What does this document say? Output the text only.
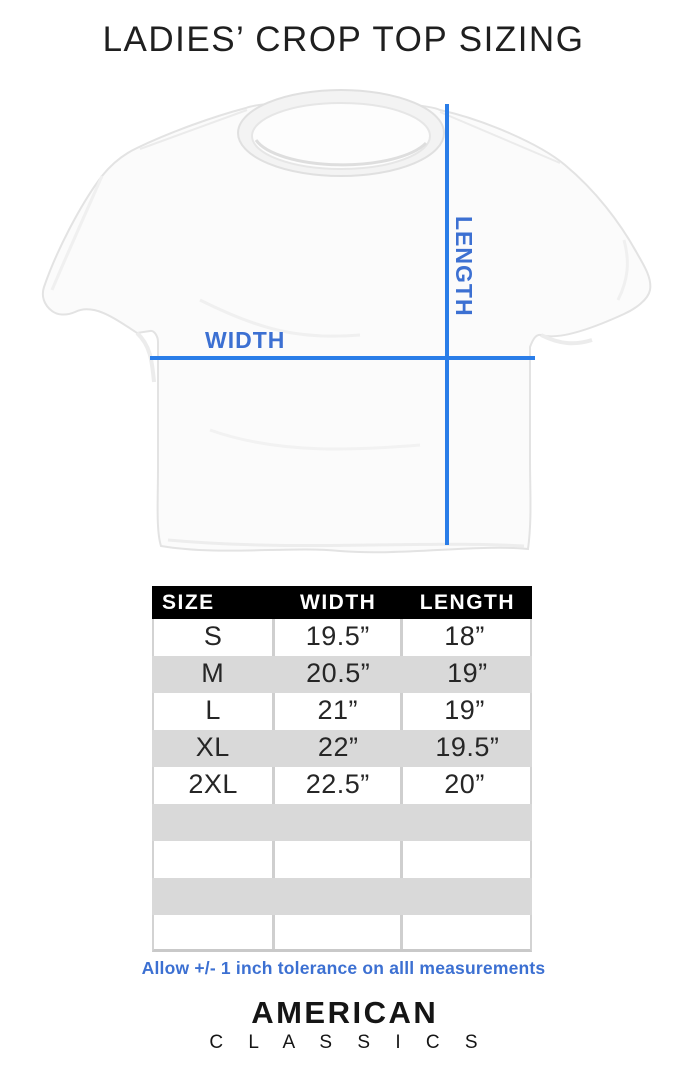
LADIES’ CROP TOP SIZING
WIDTH
LENGTH
SIZE	WIDTH	LENGTH
S	19.5”	18”
M	20.5”	19”
L	21”	19”
XL	22”	19.5”
2XL	22.5”	20”
Allow +/- 1 inch tolerance on alll measurements
AMERICAN
C L A S S I C S
